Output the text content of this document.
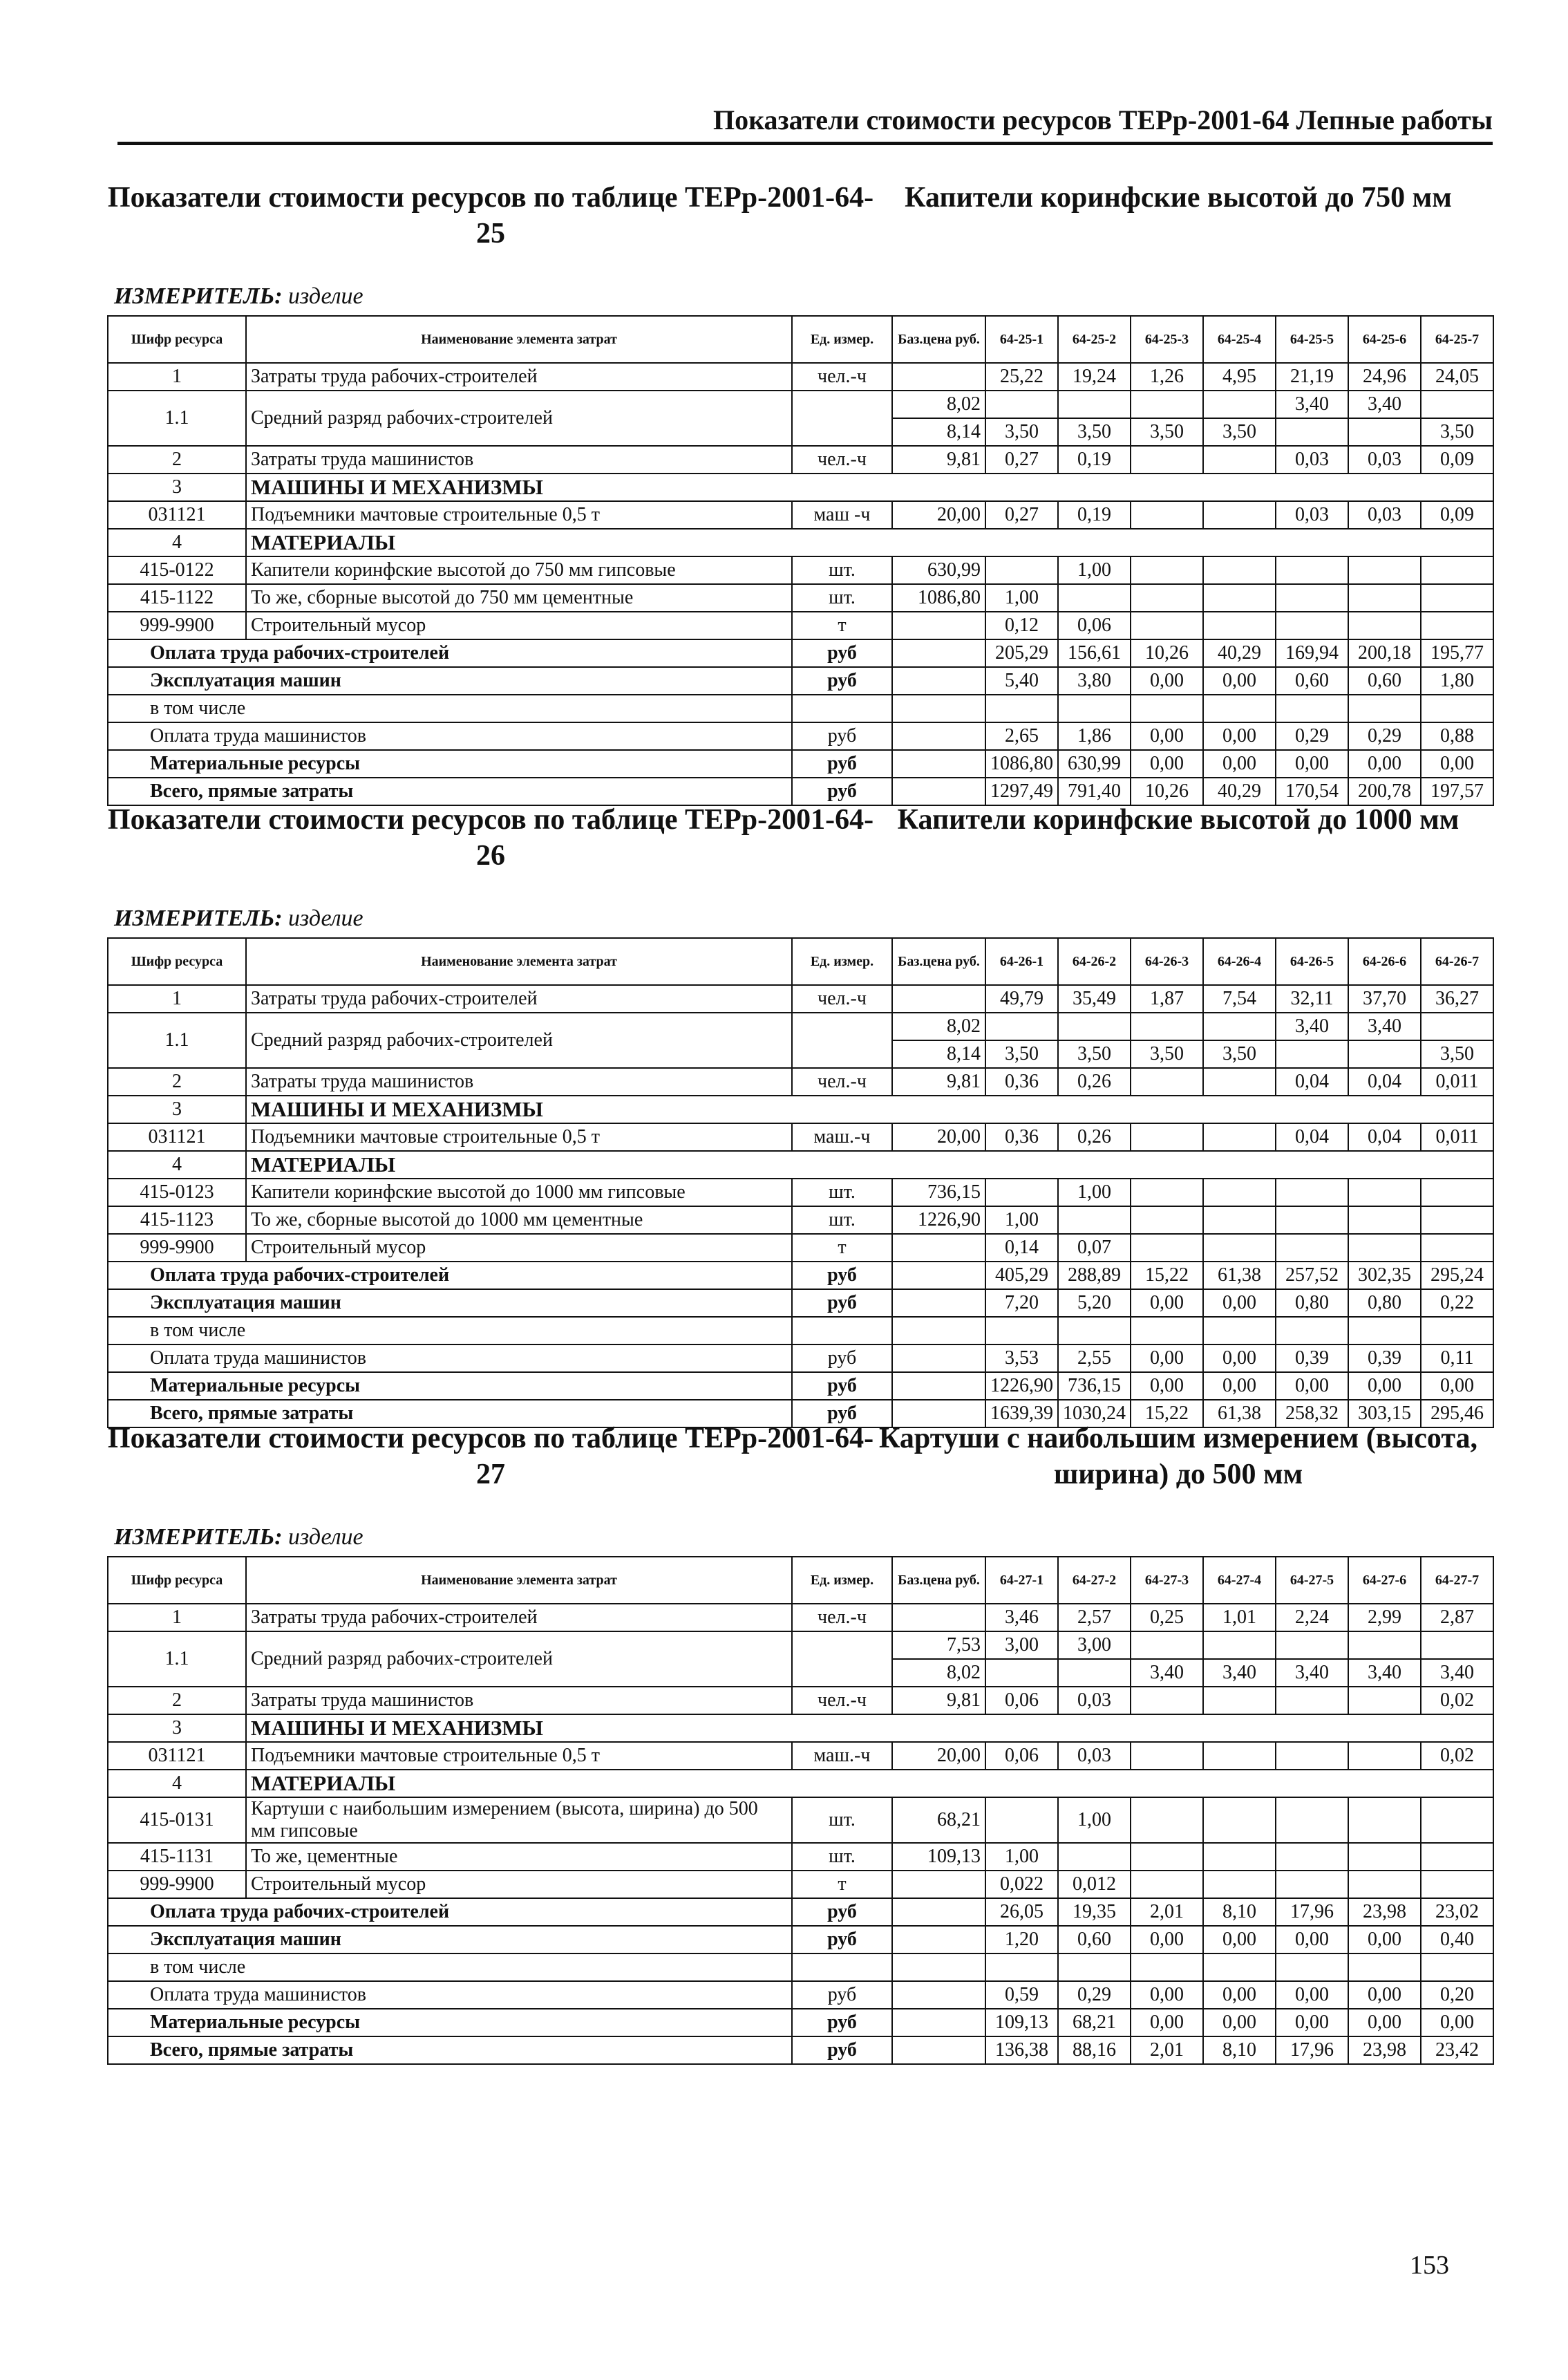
Показатели стоимости ресурсов ТЕРр-2001-64 Лепные работы
Показатели стоимости ресурсов по таблице ТЕРр-2001-64-25
Капители коринфские высотой до 750 мм
ИЗМЕРИТЕЛЬ: изделие
Шифр ресурса	Наименование элемента затрат	Ед. измер.	Баз.цена руб.	64-25-1	64-25-2	64-25-3	64-25-4	64-25-5	64-25-6	64-25-7
1	Затраты труда рабочих-строителей	чел.-ч		25,22	19,24	1,26	4,95	21,19	24,96	24,05
1.1	Средний разряд рабочих-строителей		8,02					3,40	3,40	
			8,14	3,50	3,50	3,50	3,50			3,50
2	Затраты труда машинистов	чел.-ч	9,81	0,27	0,19			0,03	0,03	0,09
3	МАШИНЫ И МЕХАНИЗМЫ									
031121	Подъемники мачтовые строительные 0,5 т	маш -ч	20,00	0,27	0,19			0,03	0,03	0,09
4	МАТЕРИАЛЫ									
415-0122	Капители коринфские высотой до 750 мм гипсовые	шт.	630,99		1,00					
415-1122	То же, сборные высотой до 750 мм цементные	шт.	1086,80	1,00						
999-9900	Строительный мусор	т		0,12	0,06					
Оплата труда рабочих-строителей		руб		205,29	156,61	10,26	40,29	169,94	200,18	195,77
Эксплуатация машин		руб		5,40	3,80	0,00	0,00	0,60	0,60	1,80
в том числе										
Оплата труда машинистов		руб		2,65	1,86	0,00	0,00	0,29	0,29	0,88
Материальные ресурсы		руб		1086,80	630,99	0,00	0,00	0,00	0,00	0,00
Всего, прямые затраты		руб		1297,49	791,40	10,26	40,29	170,54	200,78	197,57
Показатели стоимости ресурсов по таблице ТЕРр-2001-64-26
Капители коринфские высотой до 1000 мм
ИЗМЕРИТЕЛЬ: изделие
Шифр ресурса	Наименование элемента затрат	Ед. измер.	Баз.цена руб.	64-26-1	64-26-2	64-26-3	64-26-4	64-26-5	64-26-6	64-26-7
1	Затраты труда рабочих-строителей	чел.-ч		49,79	35,49	1,87	7,54	32,11	37,70	36,27
1.1	Средний разряд рабочих-строителей		8,02					3,40	3,40	
			8,14	3,50	3,50	3,50	3,50			3,50
2	Затраты труда машинистов	чел.-ч	9,81	0,36	0,26			0,04	0,04	0,011
3	МАШИНЫ И МЕХАНИЗМЫ									
031121	Подъемники мачтовые строительные 0,5 т	маш.-ч	20,00	0,36	0,26			0,04	0,04	0,011
4	МАТЕРИАЛЫ									
415-0123	Капители коринфские высотой до 1000 мм гипсовые	шт.	736,15		1,00					
415-1123	То же, сборные высотой до 1000 мм цементные	шт.	1226,90	1,00						
999-9900	Строительный мусор	т		0,14	0,07					
Оплата труда рабочих-строителей		руб		405,29	288,89	15,22	61,38	257,52	302,35	295,24
Эксплуатация машин		руб		7,20	5,20	0,00	0,00	0,80	0,80	0,22
в том числе										
Оплата труда машинистов		руб		3,53	2,55	0,00	0,00	0,39	0,39	0,11
Материальные ресурсы		руб		1226,90	736,15	0,00	0,00	0,00	0,00	0,00
Всего, прямые затраты		руб		1639,39	1030,24	15,22	61,38	258,32	303,15	295,46
Показатели стоимости ресурсов по таблице ТЕРр-2001-64-27
Картуши с наибольшим измерением (высота, ширина) до 500 мм
ИЗМЕРИТЕЛЬ: изделие
Шифр ресурса	Наименование элемента затрат	Ед. измер.	Баз.цена руб.	64-27-1	64-27-2	64-27-3	64-27-4	64-27-5	64-27-6	64-27-7
1	Затраты труда рабочих-строителей	чел.-ч		3,46	2,57	0,25	1,01	2,24	2,99	2,87
1.1	Средний разряд рабочих-строителей		7,53	3,00	3,00					
			8,02			3,40	3,40	3,40	3,40	3,40
2	Затраты труда машинистов	чел.-ч	9,81	0,06	0,03					0,02
3	МАШИНЫ И МЕХАНИЗМЫ									
031121	Подъемники мачтовые строительные 0,5 т	маш.-ч	20,00	0,06	0,03					0,02
4	МАТЕРИАЛЫ									
415-0131	Картуши с наибольшим измерением (высота, ширина) до 500 мм гипсовые	шт.	68,21		1,00					
415-1131	То же, цементные	шт.	109,13	1,00						
999-9900	Строительный мусор	т		0,022	0,012					
Оплата труда рабочих-строителей		руб		26,05	19,35	2,01	8,10	17,96	23,98	23,02
Эксплуатация машин		руб		1,20	0,60	0,00	0,00	0,00	0,00	0,40
в том числе										
Оплата труда машинистов		руб		0,59	0,29	0,00	0,00	0,00	0,00	0,20
Материальные ресурсы		руб		109,13	68,21	0,00	0,00	0,00	0,00	0,00
Всего, прямые затраты		руб		136,38	88,16	2,01	8,10	17,96	23,98	23,42
153
